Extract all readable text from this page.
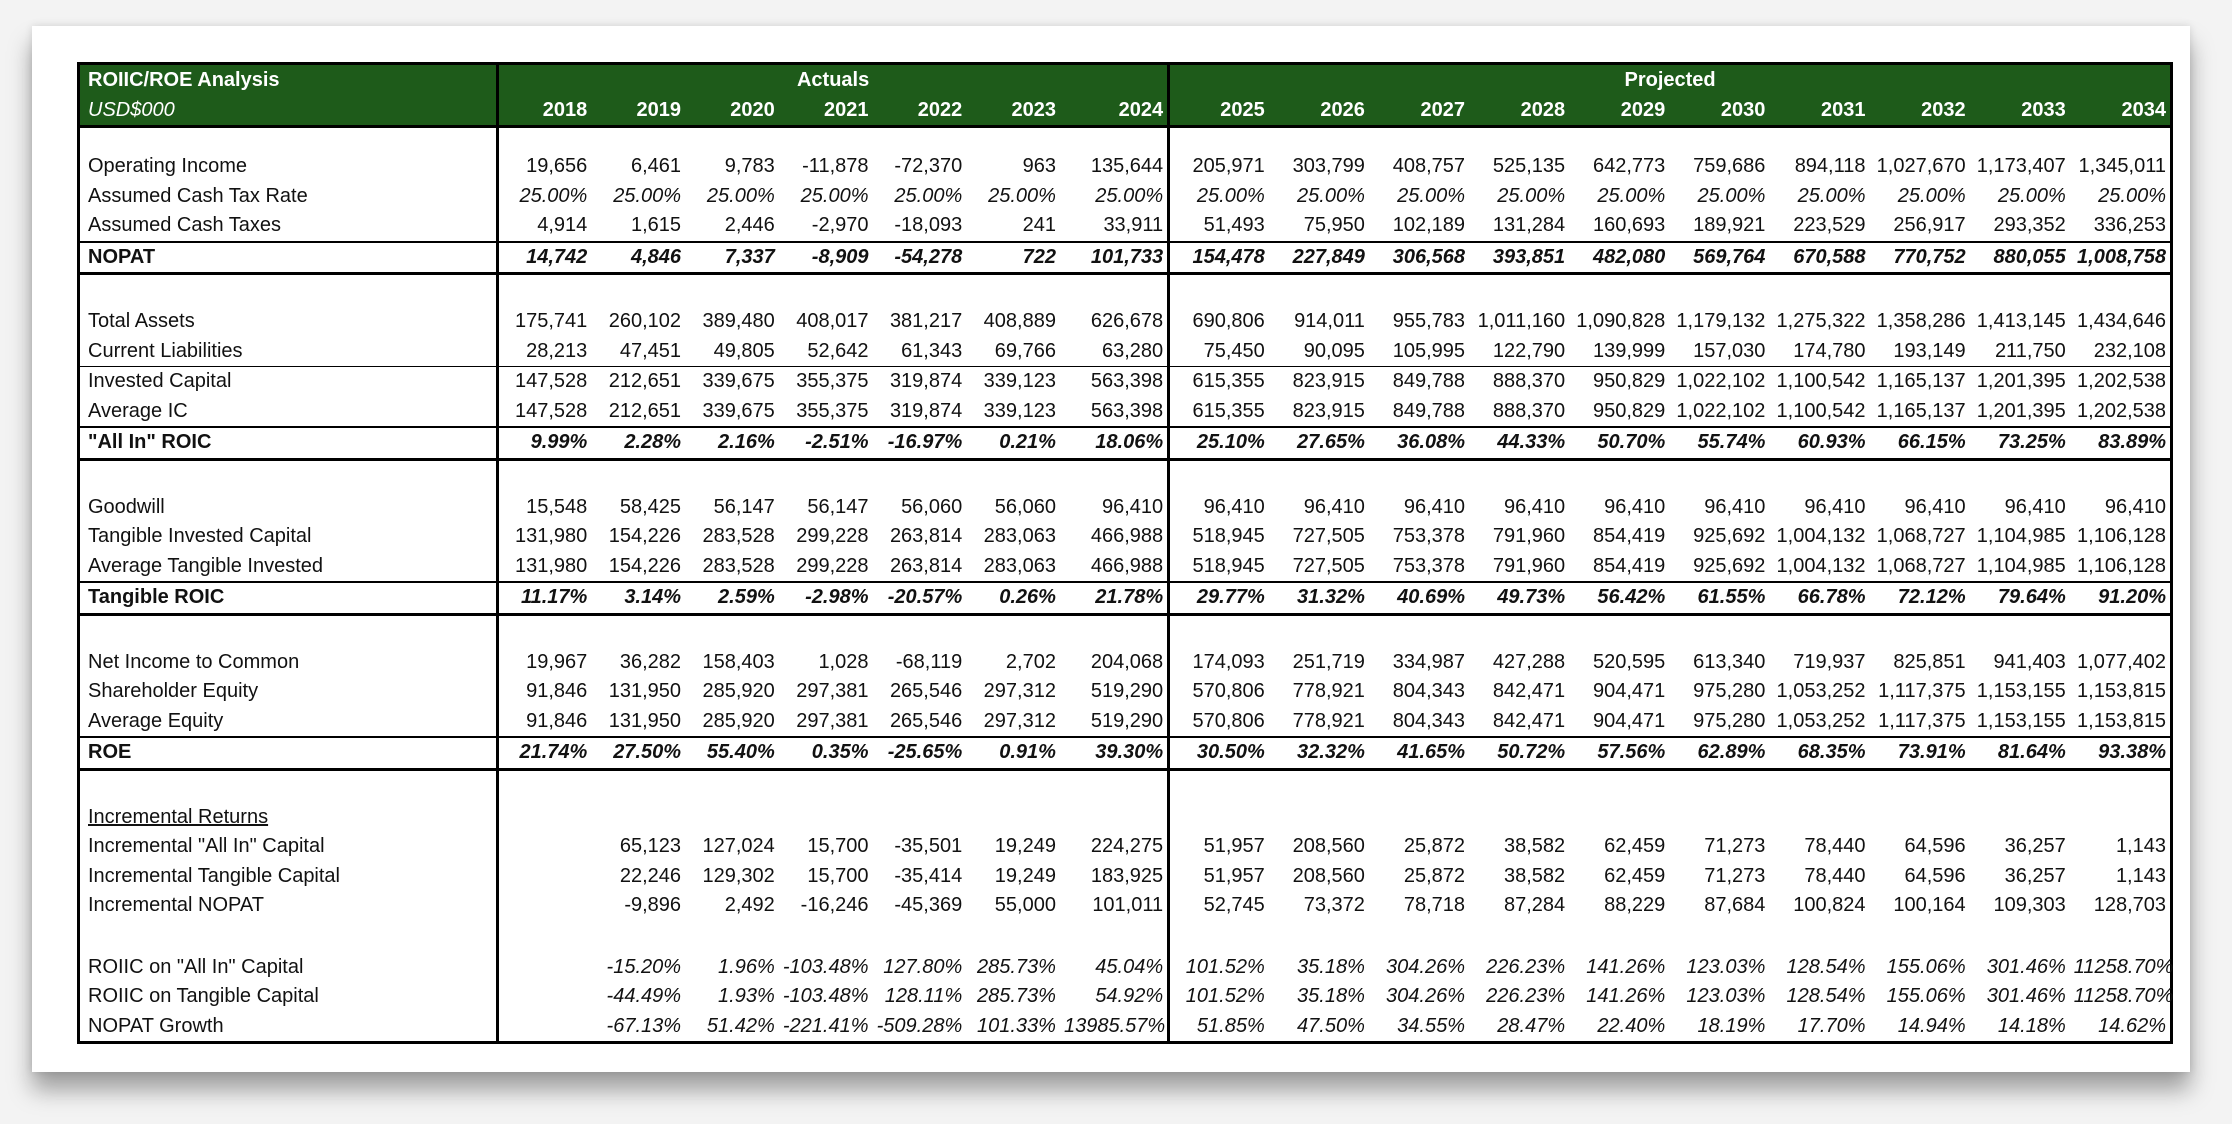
ROIIC/ROE Analysis	Actuals							Projected									
USD$000	2018	2019	2020	2021	2022	2023	2024	2025	2026	2027	2028	2029	2030	2031	2032	2033	2034

Operating Income	19,656	6,461	9,783	-11,878	-72,370	963	135,644	205,971	303,799	408,757	525,135	642,773	759,686	894,118	1,027,670	1,173,407	1,345,011
Assumed Cash Tax Rate	25.00%	25.00%	25.00%	25.00%	25.00%	25.00%	25.00%	25.00%	25.00%	25.00%	25.00%	25.00%	25.00%	25.00%	25.00%	25.00%	25.00%
Assumed Cash Taxes	4,914	1,615	2,446	-2,970	-18,093	241	33,911	51,493	75,950	102,189	131,284	160,693	189,921	223,529	256,917	293,352	336,253
NOPAT	14,742	4,846	7,337	-8,909	-54,278	722	101,733	154,478	227,849	306,568	393,851	482,080	569,764	670,588	770,752	880,055	1,008,758

Total Assets	175,741	260,102	389,480	408,017	381,217	408,889	626,678	690,806	914,011	955,783	1,011,160	1,090,828	1,179,132	1,275,322	1,358,286	1,413,145	1,434,646
Current Liabilities	28,213	47,451	49,805	52,642	61,343	69,766	63,280	75,450	90,095	105,995	122,790	139,999	157,030	174,780	193,149	211,750	232,108
Invested Capital	147,528	212,651	339,675	355,375	319,874	339,123	563,398	615,355	823,915	849,788	888,370	950,829	1,022,102	1,100,542	1,165,137	1,201,395	1,202,538
Average IC	147,528	212,651	339,675	355,375	319,874	339,123	563,398	615,355	823,915	849,788	888,370	950,829	1,022,102	1,100,542	1,165,137	1,201,395	1,202,538
"All In" ROIC	9.99%	2.28%	2.16%	-2.51%	-16.97%	0.21%	18.06%	25.10%	27.65%	36.08%	44.33%	50.70%	55.74%	60.93%	66.15%	73.25%	83.89%

Goodwill	15,548	58,425	56,147	56,147	56,060	56,060	96,410	96,410	96,410	96,410	96,410	96,410	96,410	96,410	96,410	96,410	96,410
Tangible Invested Capital	131,980	154,226	283,528	299,228	263,814	283,063	466,988	518,945	727,505	753,378	791,960	854,419	925,692	1,004,132	1,068,727	1,104,985	1,106,128
Average Tangible Invested	131,980	154,226	283,528	299,228	263,814	283,063	466,988	518,945	727,505	753,378	791,960	854,419	925,692	1,004,132	1,068,727	1,104,985	1,106,128
Tangible ROIC	11.17%	3.14%	2.59%	-2.98%	-20.57%	0.26%	21.78%	29.77%	31.32%	40.69%	49.73%	56.42%	61.55%	66.78%	72.12%	79.64%	91.20%

Net Income to Common	19,967	36,282	158,403	1,028	-68,119	2,702	204,068	174,093	251,719	334,987	427,288	520,595	613,340	719,937	825,851	941,403	1,077,402
Shareholder Equity	91,846	131,950	285,920	297,381	265,546	297,312	519,290	570,806	778,921	804,343	842,471	904,471	975,280	1,053,252	1,117,375	1,153,155	1,153,815
Average Equity	91,846	131,950	285,920	297,381	265,546	297,312	519,290	570,806	778,921	804,343	842,471	904,471	975,280	1,053,252	1,117,375	1,153,155	1,153,815
ROE	21.74%	27.50%	55.40%	0.35%	-25.65%	0.91%	39.30%	30.50%	32.32%	41.65%	50.72%	57.56%	62.89%	68.35%	73.91%	81.64%	93.38%

Incremental Returns																	
Incremental "All In" Capital		65,123	127,024	15,700	-35,501	19,249	224,275	51,957	208,560	25,872	38,582	62,459	71,273	78,440	64,596	36,257	1,143
Incremental Tangible Capital		22,246	129,302	15,700	-35,414	19,249	183,925	51,957	208,560	25,872	38,582	62,459	71,273	78,440	64,596	36,257	1,143
Incremental NOPAT		-9,896	2,492	-16,246	-45,369	55,000	101,011	52,745	73,372	78,718	87,284	88,229	87,684	100,824	100,164	109,303	128,703

ROIIC on "All In" Capital		-15.20%	1.96%	-103.48%	127.80%	285.73%	45.04%	101.52%	35.18%	304.26%	226.23%	141.26%	123.03%	128.54%	155.06%	301.46%	11258.70%
ROIIC on Tangible Capital		-44.49%	1.93%	-103.48%	128.11%	285.73%	54.92%	101.52%	35.18%	304.26%	226.23%	141.26%	123.03%	128.54%	155.06%	301.46%	11258.70%
NOPAT Growth		-67.13%	51.42%	-221.41%	-509.28%	101.33%	13985.57%	51.85%	47.50%	34.55%	28.47%	22.40%	18.19%	17.70%	14.94%	14.18%	14.62%
